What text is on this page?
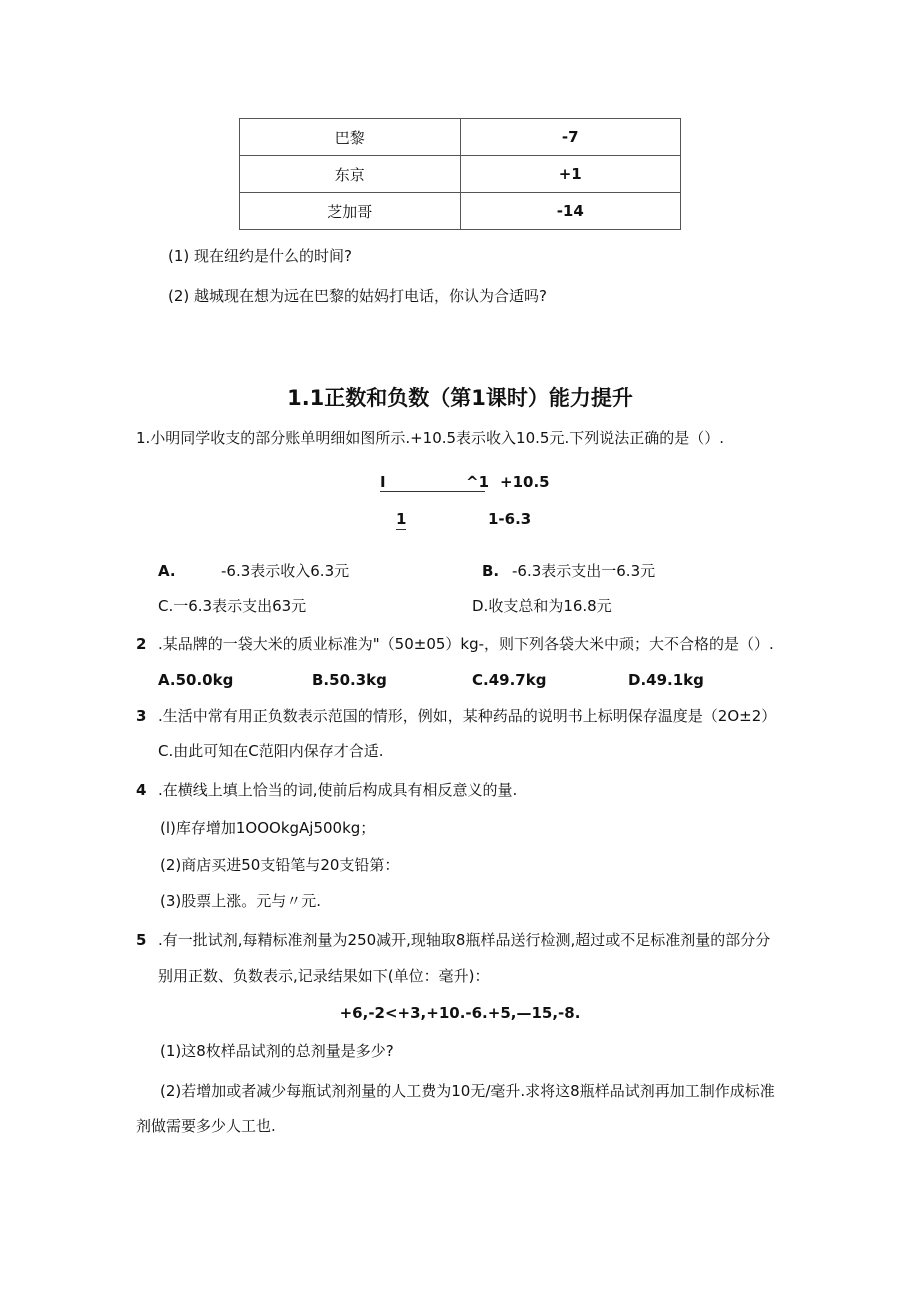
巴黎	-7
东京	+1
芝加哥	-14
(1) 现在纽约是什么的时间?
(2) 越城现在想为远在巴黎的姑妈打电话，你认为合适吗?
1.1正数和负数（第1课时）能力提升
1.小明同学收支的部分账单明细如图所示.+10.5表示收入10.5元.下列说法正确的是（）.
I	^1 +10.5
1	1-6.3
A.	-6.3表示收入6.3元	B. -6.3表示支出一6.3元
C.一6.3表示支出63元	D.收支总和为16.8元
2 .某品牌的一袋大米的质业标准为"（50±05）kg-，则下列各袋大米中顽；大不合格的是（）.
A.50.0kg	B.50.3kg	C.49.7kg	D.49.1kg
3 .生活中常有用正负数表示范国的情形，例如，某种药品的说明书上标明保存温度是（2O±2）
C.由此可知在C范阳内保存才合适.
4 .在横线上填上恰当的词,使前后构成具有相反意义的量.
(l)库存增加1OOOkgAj500kg；
(2)商店买进50支铅笔与20支铅第：
(3)股票上涨。元与〃元.
5 .有一批试剂,每精标准剂量为250减开,现轴取8瓶样品送行检测,超过或不足标准剂量的部分分
别用正数、负数表示,记录结果如下(单位：毫升)：
+6,-2<+3,+10.-6.+5,—15,-8.
(1)这8枚样品试剂的总剂量是多少?
(2)若增加或者减少每瓶试剂剂量的人工费为10无/毫升.求将这8瓶样品试剂再加工制作成标准
剂做需要多少人工也.
